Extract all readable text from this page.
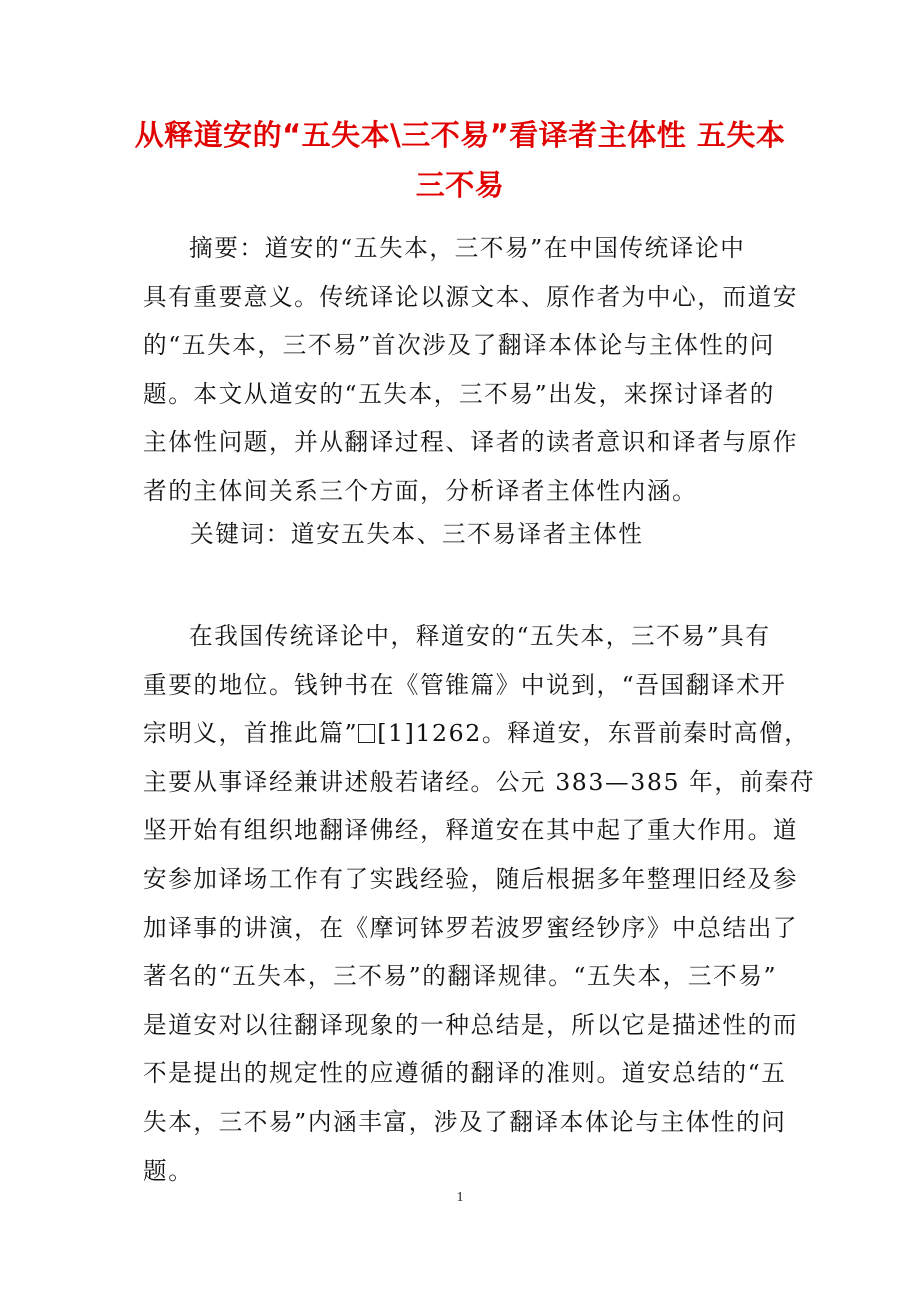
从释道安的“五失本\三不易”看译者主体性 五失本
三不易
摘要：道安的“五失本，三不易”在中国传统译论中
具有重要意义。传统译论以源文本、原作者为中心，而道安
的“五失本，三不易”首次涉及了翻译本体论与主体性的问
题。本文从道安的“五失本，三不易”出发，来探讨译者的
主体性问题，并从翻译过程、译者的读者意识和译者与原作
者的主体间关系三个方面，分析译者主体性内涵。
关键词：道安五失本、三不易译者主体性
在我国传统译论中，释道安的“五失本，三不易”具有
重要的地位。钱钟书在《管锥篇》中说到，“吾国翻译术开
宗明义，首推此篇” [1]1262。释道安，东晋前秦时高僧，
主要从事译经兼讲述般若诸经。公元 383—385 年，前秦苻
坚开始有组织地翻译佛经，释道安在其中起了重大作用。道
安参加译场工作有了实践经验，随后根据多年整理旧经及参
加译事的讲演，在《摩诃钵罗若波罗蜜经钞序》中总结出了
著名的“五失本，三不易”的翻译规律。“五失本，三不易”
是道安对以往翻译现象的一种总结是，所以它是描述性的而
不是提出的规定性的应遵循的翻译的准则。道安总结的“五
失本，三不易”内涵丰富，涉及了翻译本体论与主体性的问
题。
1
